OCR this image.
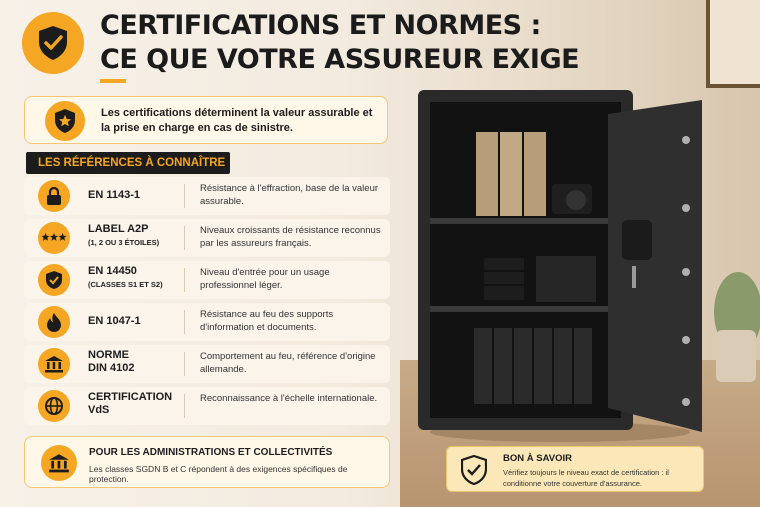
CERTIFICATIONS ET NORMES :
CE QUE VOTRE ASSUREUR EXIGE
Les certifications déterminent la valeur assurable et la prise en charge en cas de sinistre.
LES RÉFÉRENCES À CONNAÎTRE
EN 1143-1
Résistance à l'effraction, base de la valeur assurable.
LABEL A2P
(1, 2 OU 3 ÉTOILES)
Niveaux croissants de résistance reconnus par les assureurs français.
EN 14450
(CLASSES S1 ET S2)
Niveau d'entrée pour un usage professionnel léger.
EN 1047-1
Résistance au feu des supports d'information et documents.
NORME
DIN 4102
Comportement au feu, référence d'origine allemande.
CERTIFICATION
VdS
Reconnaissance à l'échelle internationale.
POUR LES ADMINISTRATIONS ET COLLECTIVITÉS
Les classes SGDN B et C répondent à des exigences spécifiques de protection.
BON À SAVOIR
Vérifiez toujours le niveau exact de certification : il conditionne votre couverture d'assurance.
